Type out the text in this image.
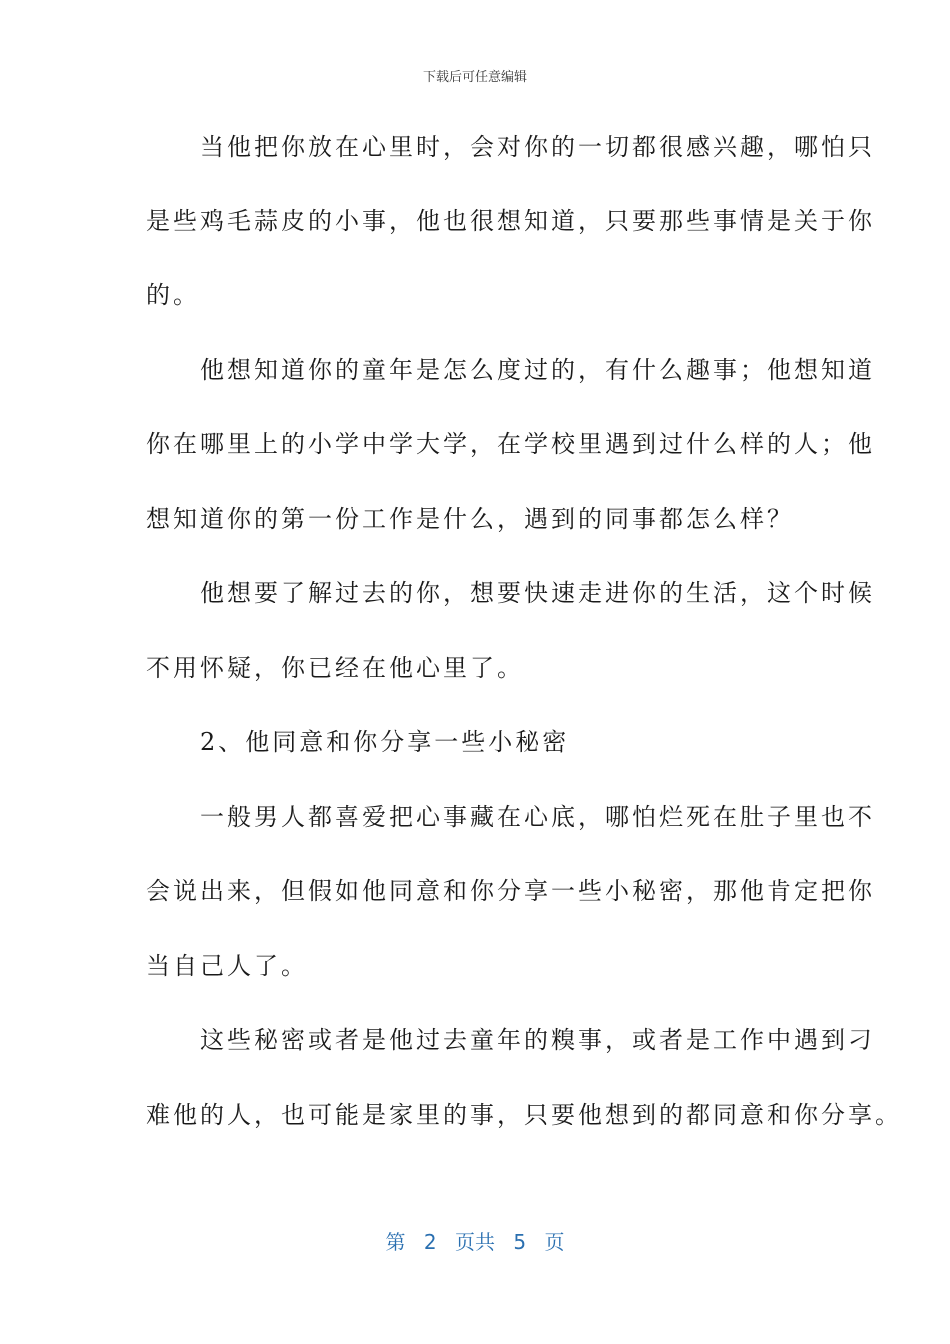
下载后可任意编辑
　　当他把你放在心里时，会对你的一切都很感兴趣，哪怕只
是些鸡毛蒜皮的小事，他也很想知道，只要那些事情是关于你
的。
　　他想知道你的童年是怎么度过的，有什么趣事；他想知道
你在哪里上的小学中学大学，在学校里遇到过什么样的人；他
想知道你的第一份工作是什么，遇到的同事都怎么样？
　　他想要了解过去的你，想要快速走进你的生活，这个时候
不用怀疑，你已经在他心里了。
　　2、他同意和你分享一些小秘密
　　一般男人都喜爱把心事藏在心底，哪怕烂死在肚子里也不
会说出来，但假如他同意和你分享一些小秘密，那他肯定把你
当自己人了。
　　这些秘密或者是他过去童年的糗事，或者是工作中遇到刁
难他的人，也可能是家里的事，只要他想到的都同意和你分享。
第 2 页共 5 页
